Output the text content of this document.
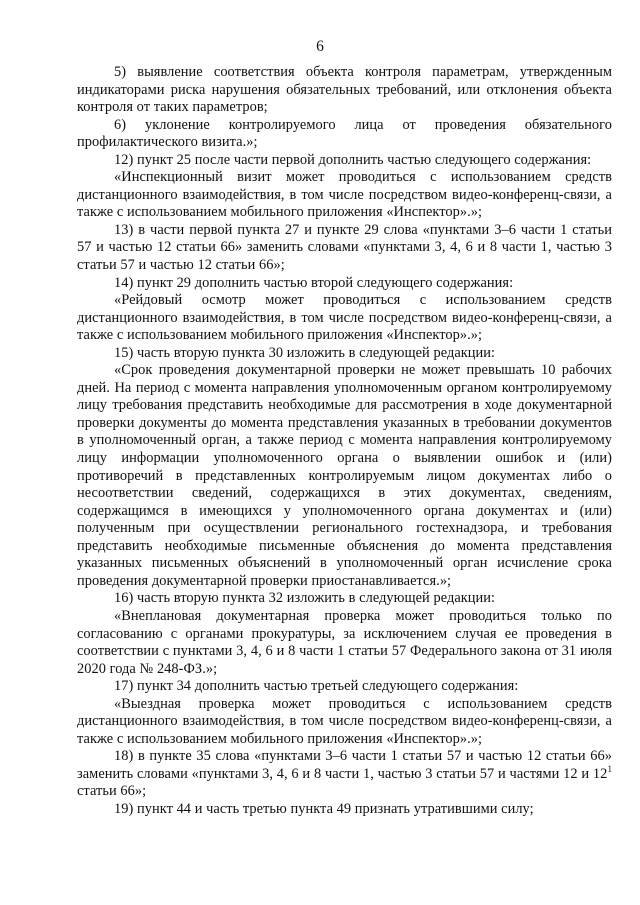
6

5) выявление соответствия объекта контроля параметрам, утвержденным индикаторами риска нарушения обязательных требований, или отклонения объекта контроля от таких параметров;

6) уклонение контролируемого лица от проведения обязательного профилактического визита.»;

12) пункт 25 после части первой дополнить частью следующего содержания:

«Инспекционный визит может проводиться с использованием средств дистанционного взаимодействия, в том числе посредством видео-конференц-связи, а также с использованием мобильного приложения «Инспектор».»;

13) в части первой пункта 27 и пункте 29 слова «пунктами 3–6 части 1 статьи 57 и частью 12 статьи 66» заменить словами «пунктами 3, 4, 6 и 8 части 1, частью 3 статьи 57 и частью 12 статьи 66»;

14) пункт 29 дополнить частью второй следующего содержания:

«Рейдовый осмотр может проводиться с использованием средств дистанционного взаимодействия, в том числе посредством видео-конференц-связи, а также с использованием мобильного приложения «Инспектор».»;

15) часть вторую пункта 30 изложить в следующей редакции:

«Срок проведения документарной проверки не может превышать 10 рабочих дней. На период с момента направления уполномоченным органом контролируемому лицу требования представить необходимые для рассмотрения в ходе документарной проверки документы до момента представления указанных в требовании документов в уполномоченный орган, а также период с момента направления контролируемому лицу информации уполномоченного органа о выявлении ошибок и (или) противоречий в представленных контролируемым лицом документах либо о несоответствии сведений, содержащихся в этих документах, сведениям, содержащимся в имеющихся у уполномоченного органа документах и (или) полученным при осуществлении регионального гостехнадзора, и требования представить необходимые письменные объяснения до момента представления указанных письменных объяснений в уполномоченный орган исчисление срока проведения документарной проверки приостанавливается.»;

16) часть вторую пункта 32 изложить в следующей редакции:

«Внеплановая документарная проверка может проводиться только по согласованию с органами прокуратуры, за исключением случая ее проведения в соответствии с пунктами 3, 4, 6 и 8 части 1 статьи 57 Федерального закона от 31 июля 2020 года № 248-ФЗ.»;

17) пункт 34 дополнить частью третьей следующего содержания:

«Выездная проверка может проводиться с использованием средств дистанционного взаимодействия, в том числе посредством видео-конференц-связи, а также с использованием мобильного приложения «Инспектор».»;

18) в пункте 35 слова «пунктами 3–6 части 1 статьи 57 и частью 12 статьи 66» заменить словами «пунктами 3, 4, 6 и 8 части 1, частью 3 статьи 57 и частями 12 и $12^1$ статьи 66»;

19) пункт 44 и часть третью пункта 49 признать утратившими силу;
